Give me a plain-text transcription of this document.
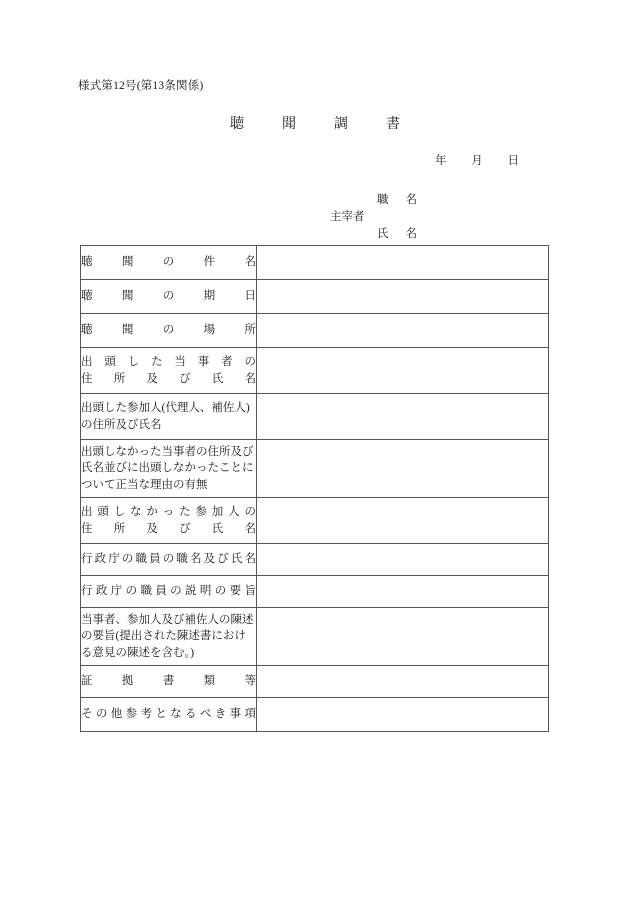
様式第12号(第13条関係)
聴聞調書
年　月　日
職名
主宰者
氏名
聴聞の件名	

聴聞の期日	

聴聞の場所	

出頭した当事者の
住所及び氏名	

出頭した参加人(代理人、補佐人)の住所及び氏名	

出頭しなかった当事者の住所及び氏名並びに出頭しなかったことについて正当な理由の有無	

出頭しなかった参加人の
住所及び氏名	

行政庁の職員の職名及び氏名	

行政庁の職員の説明の要旨	

当事者、参加人及び補佐人の陳述の要旨(提出された陳述書における意見の陳述を含む。)	

証拠書類等	

その他参考となるべき事項	
